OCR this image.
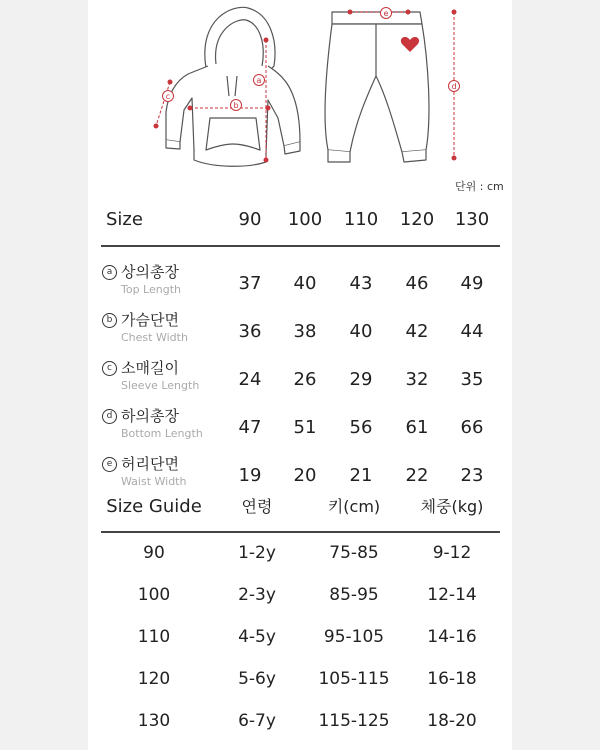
a
b
c
e
d
단위 : cm
Size	90 100 110 120 130
a 상의총장
Top Length	37 40 43 46 49
b 가슴단면
Chest Width	36 38 40 42 44
c 소매길이
Sleeve Length 24 26 29 32 35
d 하의총장
Bottom Length 47 51 56 61 66
e 허리단면
Waist Width	19 20 21 22 23
Size Guide 연령	키(cm)	체중(kg)
90	1-2y	75-85	9-12
100	2-3y	85-95	12-14
110	4-5y	95-105	14-16
120	5-6y	105-115 16-18
130	6-7y	115-125 18-20
